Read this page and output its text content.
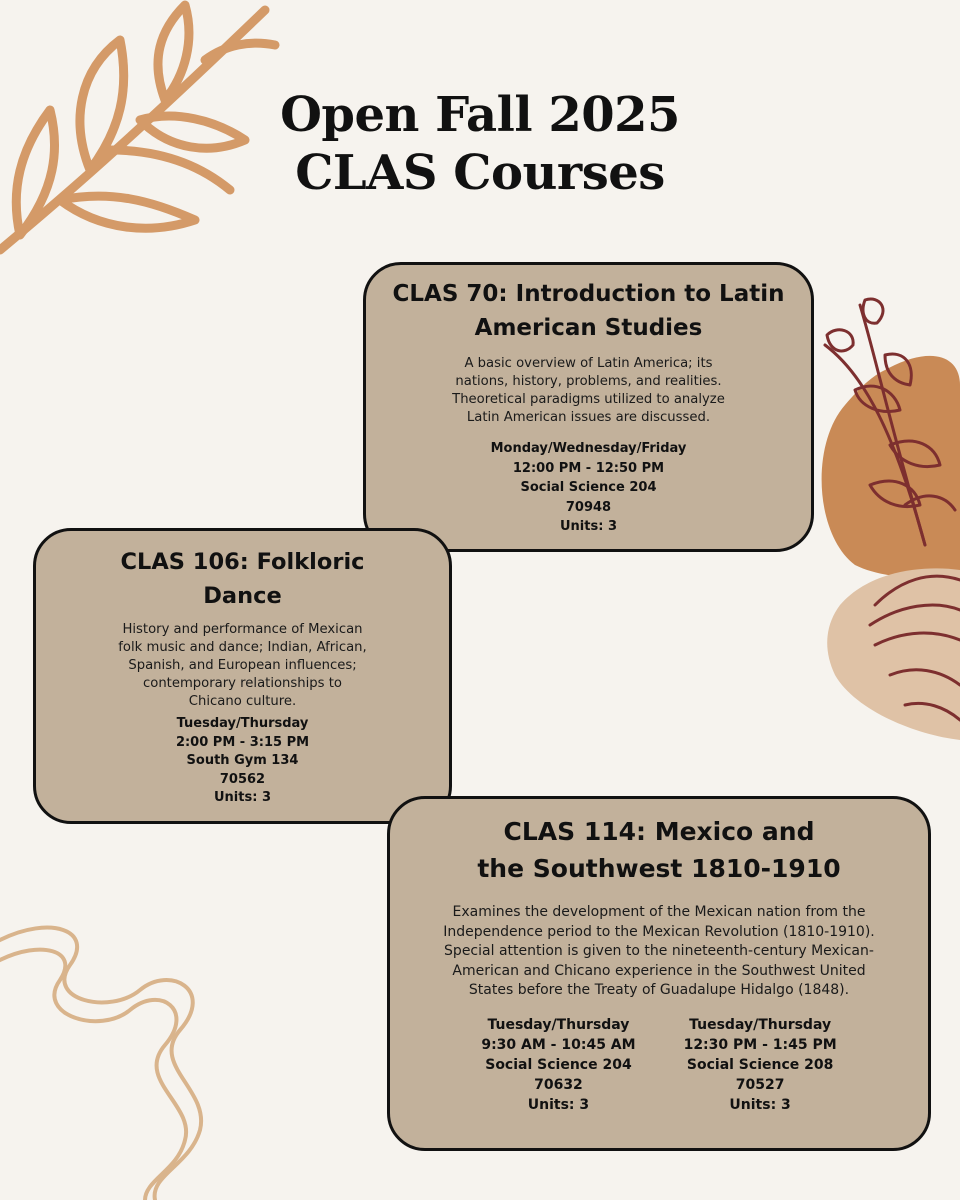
Open Fall 2025
CLAS Courses
CLAS 70: Introduction to Latin
American Studies

A basic overview of Latin America; its
nations, history, problems, and realities.
Theoretical paradigms utilized to analyze
Latin American issues are discussed.

Monday/Wednesday/Friday
12:00 PM - 12:50 PM
Social Science 204
70948
Units: 3

CLAS 106: Folkloric
Dance

History and performance of Mexican
folk music and dance; Indian, African,
Spanish, and European influences;
contemporary relationships to
Chicano culture.

Tuesday/Thursday
2:00 PM - 3:15 PM
South Gym 134
70562
Units: 3

CLAS 114: Mexico and
the Southwest 1810-1910

Examines the development of the Mexican nation from the
Independence period to the Mexican Revolution (1810-1910).
Special attention is given to the nineteenth-century Mexican-
American and Chicano experience in the Southwest United
States before the Treaty of Guadalupe Hidalgo (1848).

Tuesday/Thursday
9:30 AM - 10:45 AM
Social Science 204
70632
Units: 3

Tuesday/Thursday
12:30 PM - 1:45 PM
Social Science 208
70527
Units: 3
